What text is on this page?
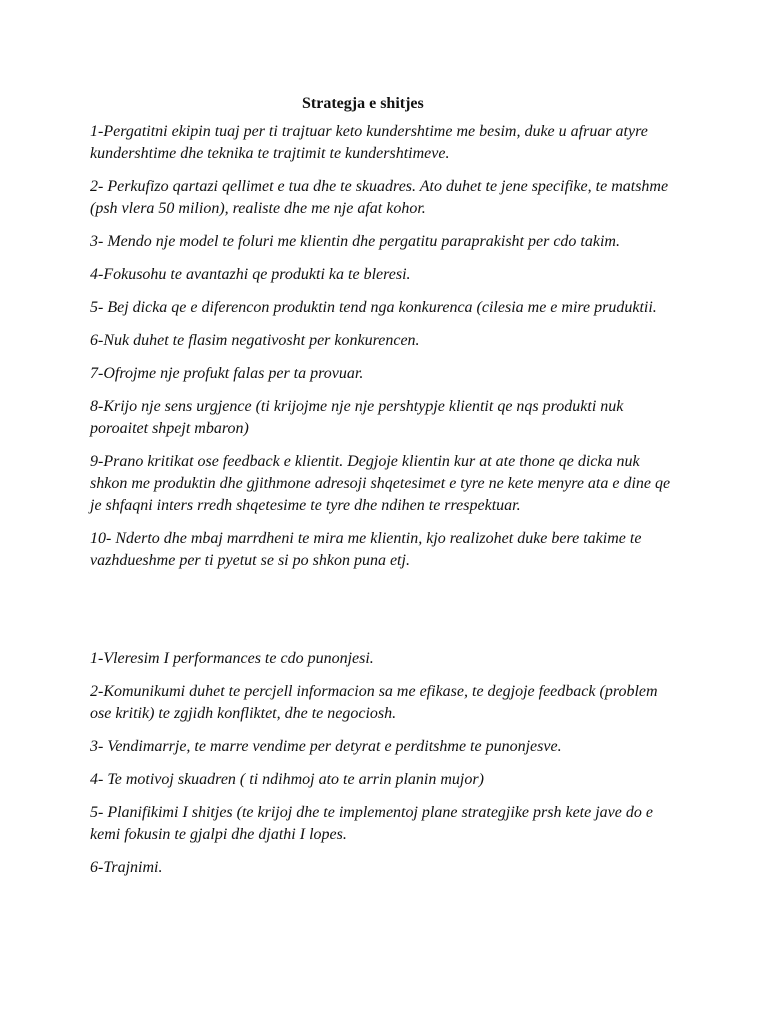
Strategja e shitjes
1-Pergatitni ekipin tuaj per ti trajtuar keto kundershtime me besim, duke u afruar atyre kundershtime dhe teknika te trajtimit te kundershtimeve.
2- Perkufizo qartazi qellimet e tua dhe te skuadres. Ato duhet te jene specifike, te matshme (psh vlera 50 milion), realiste dhe me nje afat kohor.
3- Mendo nje model te foluri me klientin dhe pergatitu paraprakisht per cdo takim.
4-Fokusohu te avantazhi qe produkti ka te bleresi.
5- Bej dicka qe e diferencon produktin tend nga konkurenca (cilesia me e mire pruduktii.
6-Nuk duhet te flasim negativosht per konkurencen.
7-Ofrojme nje profukt falas per ta provuar.
8-Krijo nje sens urgjence (ti krijojme nje nje pershtypje klientit qe nqs produkti nuk poroaitet shpejt mbaron)
9-Prano kritikat ose feedback e klientit. Degjoje klientin kur at ate thone qe dicka nuk shkon me produktin dhe gjithmone adresoji shqetesimet e tyre ne kete menyre ata e dine qe je shfaqni inters rredh shqetesime te tyre dhe ndihen te rrespektuar.
10- Nderto dhe mbaj marrdheni te mira me klientin, kjo realizohet duke bere takime te vazhdueshme per ti pyetut se si po shkon puna etj.
1-Vleresim I performances te cdo punonjesi.
2-Komunikumi duhet te percjell informacion sa me efikase, te degjoje feedback (problem ose kritik) te zgjidh konfliktet, dhe te negociosh.
3- Vendimarrje, te marre vendime per detyrat e perditshme te punonjesve.
4- Te motivoj skuadren ( ti ndihmoj ato te arrin planin mujor)
5- Planifikimi I shitjes (te krijoj dhe te implementoj plane strategjike prsh kete jave do e kemi fokusin te gjalpi dhe djathi I lopes.
6-Trajnimi.
